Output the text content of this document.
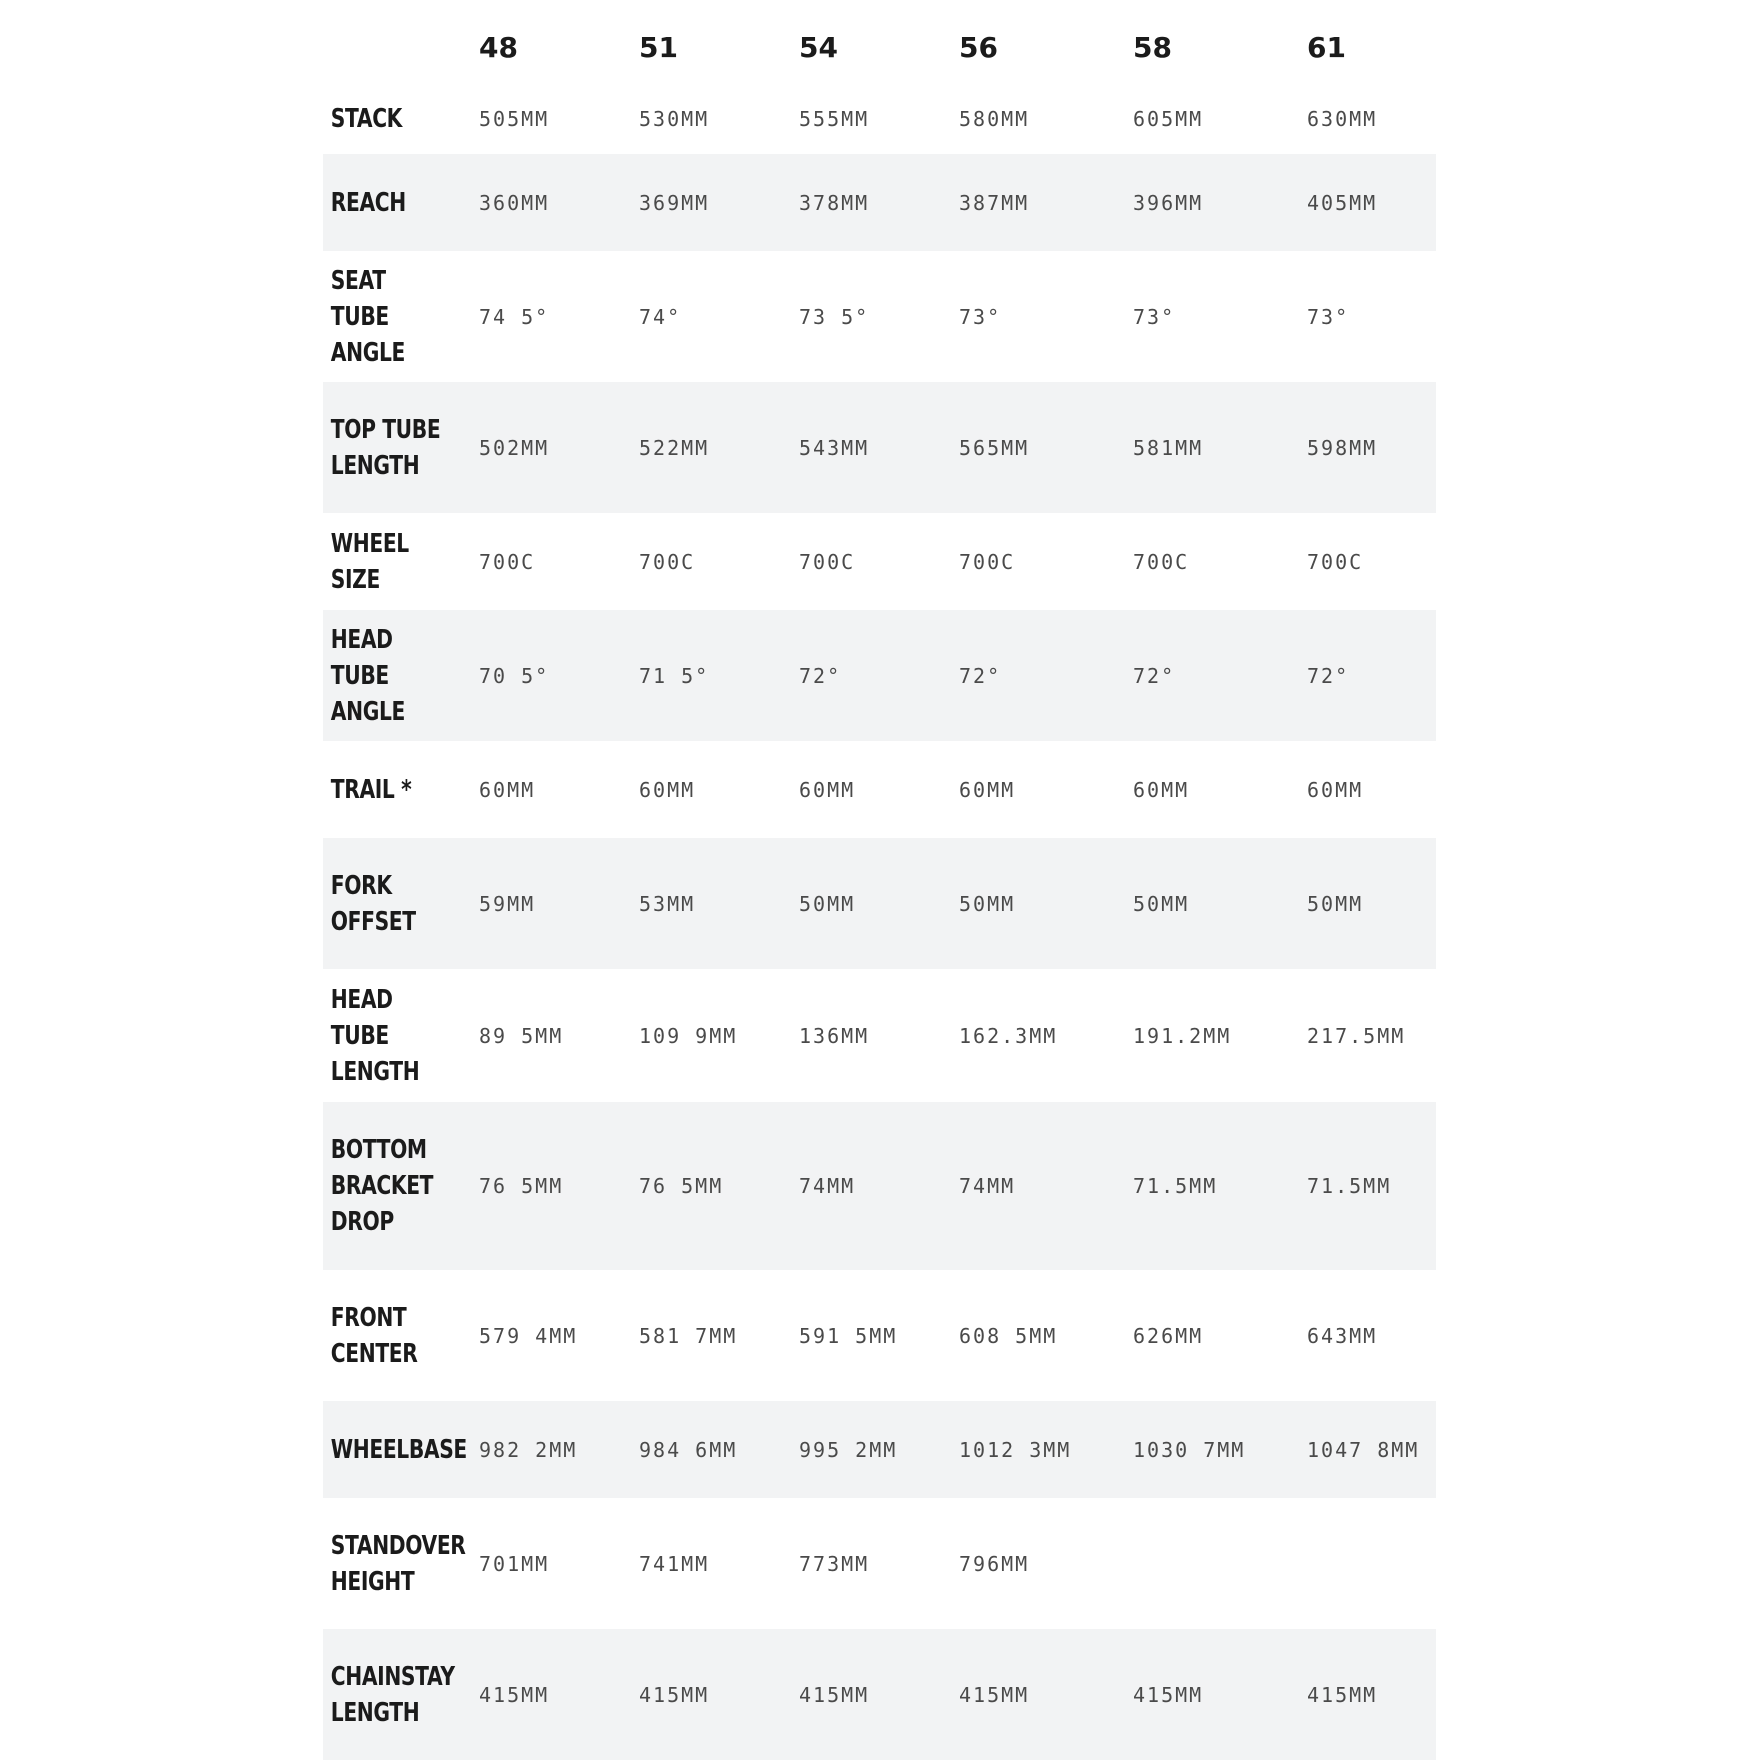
48	51	54	56	58	61
STACK	505MM	530MM	555MM	580MM	605MM	630MM
REACH	360MM	369MM	378MM	387MM	396MM	405MM
SEAT TUBE
ANGLE
74 5°	74°	73 5°	73°	73°	73°
TOP TUBE
LENGTH
502MM	522MM	543MM	565MM	581MM	598MM
WHEEL SIZE
700C	700C	700C	700C	700C	700C
HEAD TUBE
ANGLE
70 5°	71 5°	72°	72°	72°	72°
TRAIL *	60MM	60MM	60MM	60MM	60MM	60MM
FORK
OFFSET
59MM	53MM	50MM	50MM	50MM	50MM
HEAD TUBE
LENGTH
89 5MM	109 9MM	136MM	162.3MM	191.2MM	217.5MM
BOTTOM
BRACKET
DROP
76 5MM	76 5MM	74MM	74MM	71.5MM	71.5MM
FRONT
CENTER
579 4MM	581 7MM	591 5MM	608 5MM	626MM	643MM
WHEELBASE 982 2MM	984 6MM	995 2MM	1012 3MM	1030 7MM	1047 8MM
STANDOVER
HEIGHT
701MM	741MM	773MM	796MM
CHAINSTAY
LENGTH
415MM	415MM	415MM	415MM	415MM	415MM
